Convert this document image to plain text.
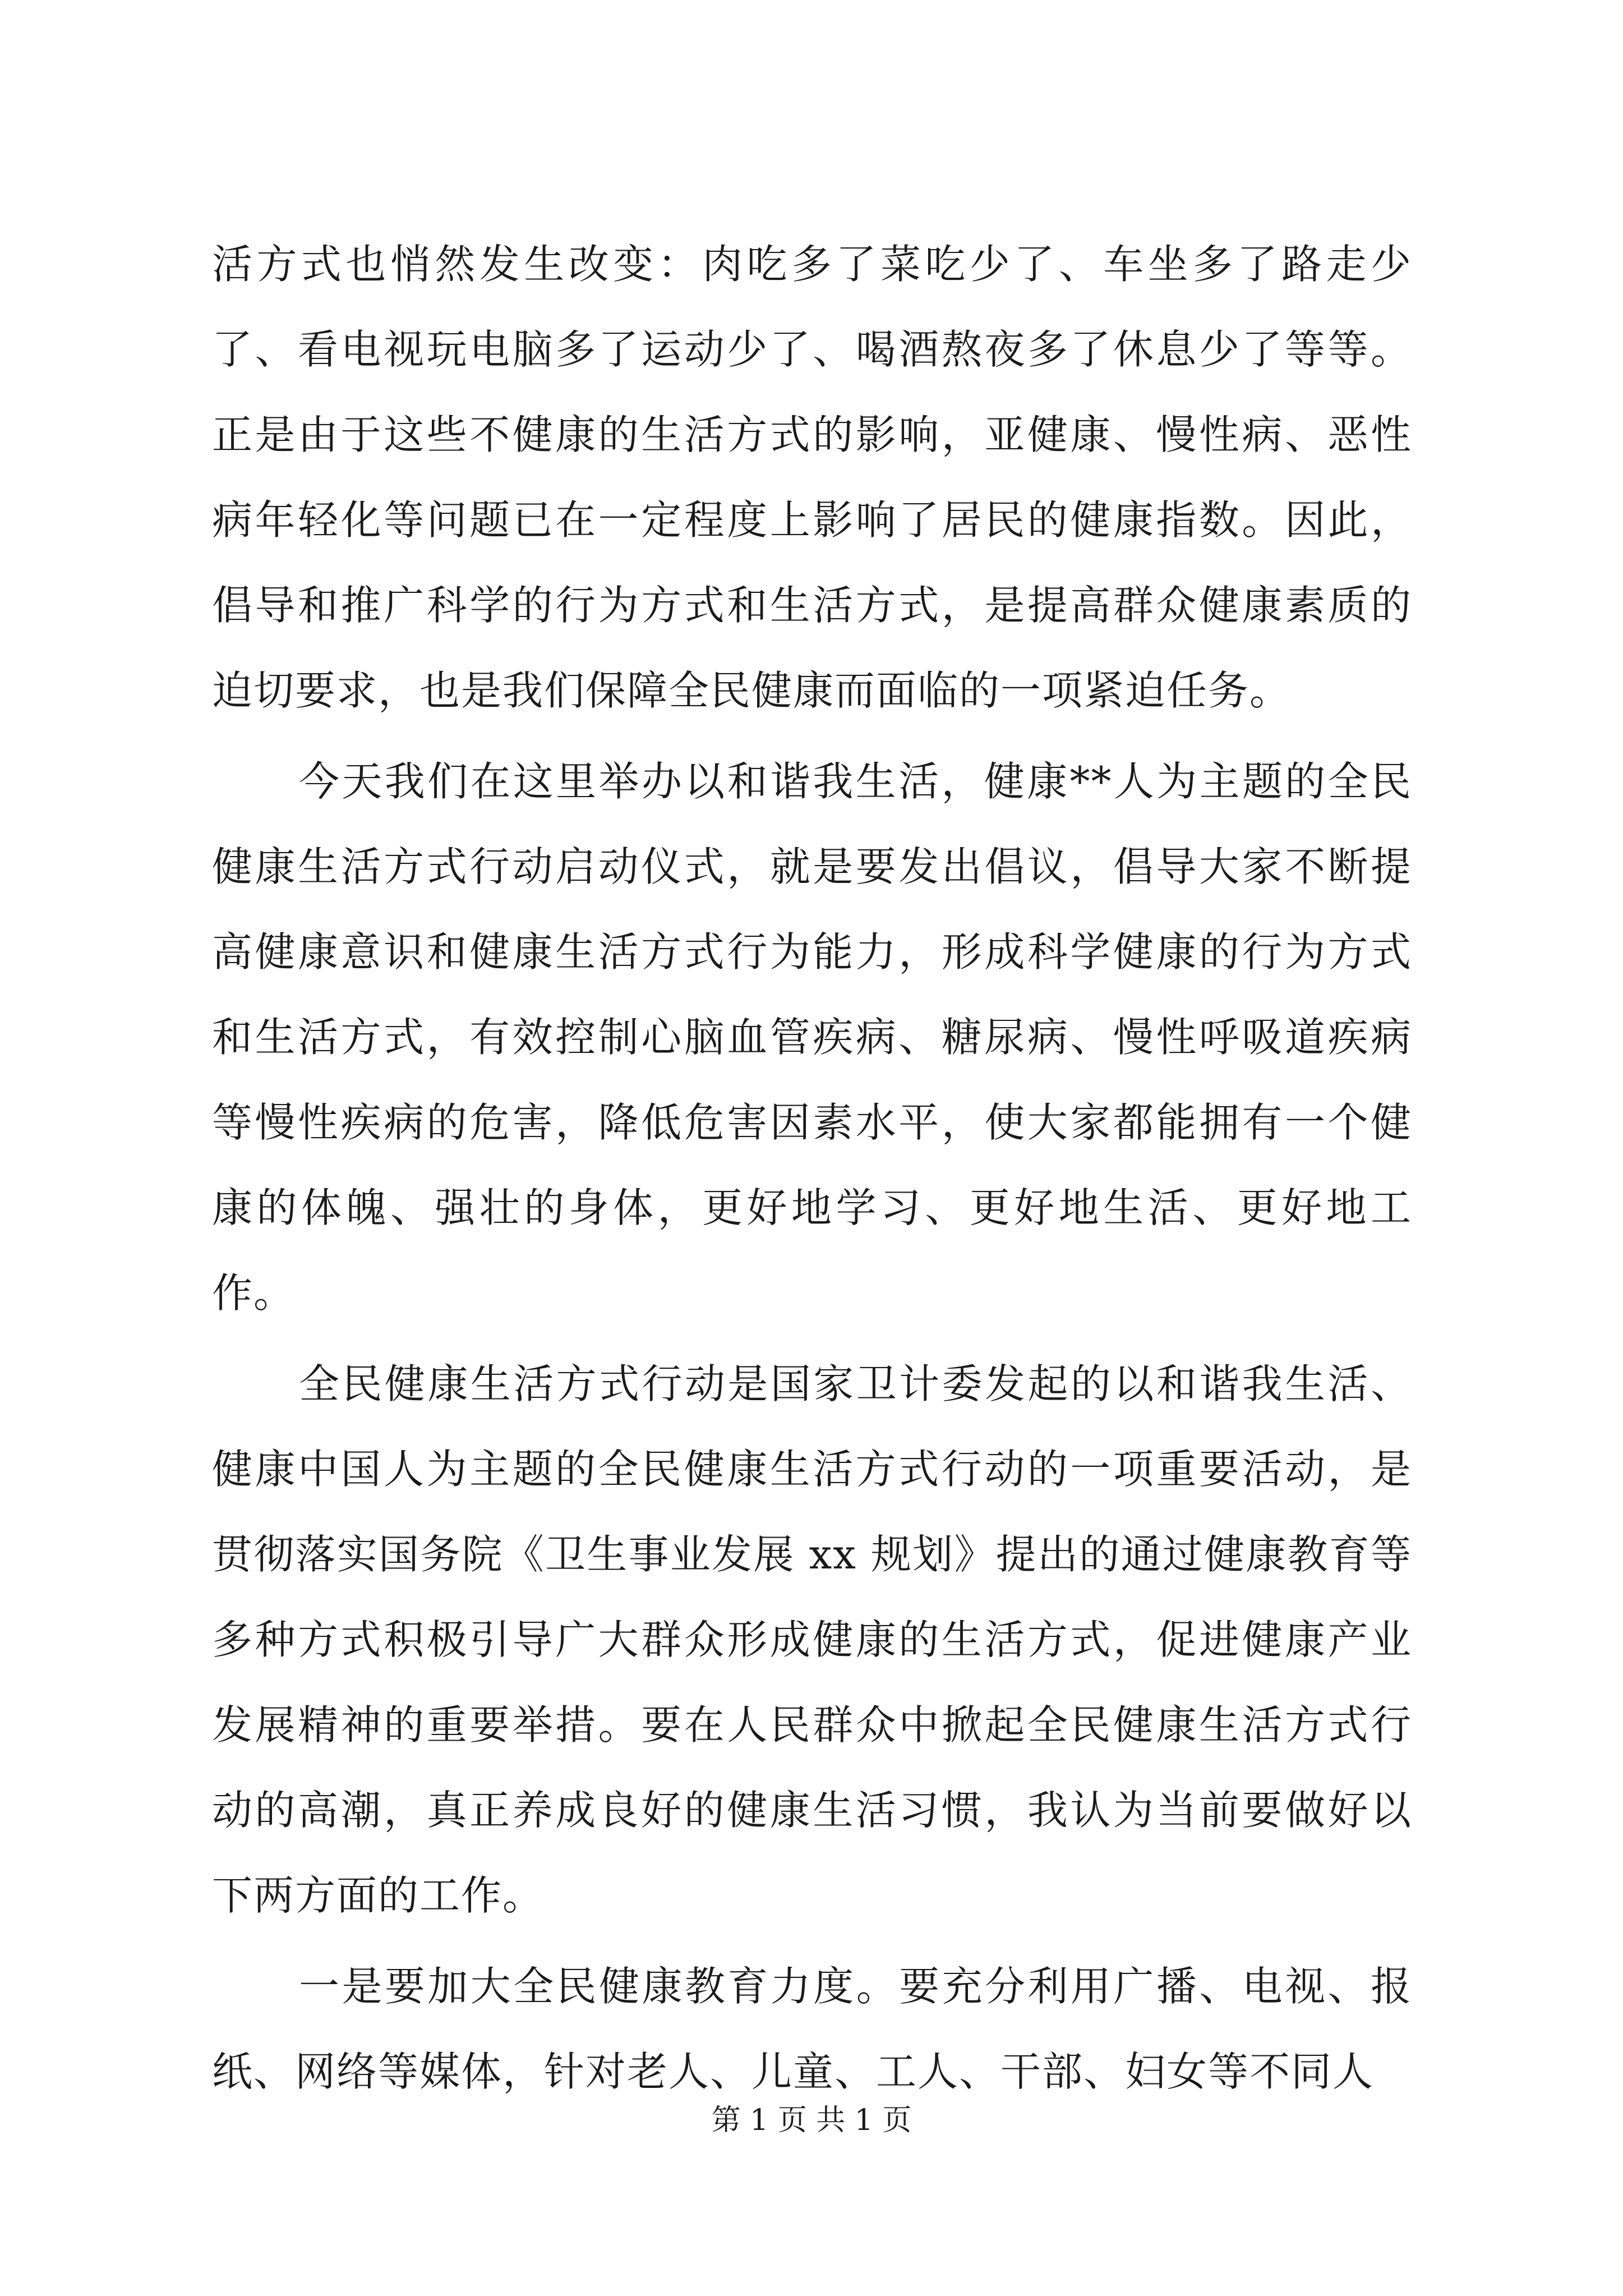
活方式也悄然发生改变：肉吃多了菜吃少了、车坐多了路走少了、看电视玩电脑多了运动少了、喝酒熬夜多了休息少了等等。正是由于这些不健康的生活方式的影响，亚健康、慢性病、恶性病年轻化等问题已在一定程度上影响了居民的健康指数。因此，倡导和推广科学的行为方式和生活方式，是提高群众健康素质的迫切要求，也是我们保障全民健康而面临的一项紧迫任务。

今天我们在这里举办以和谐我生活，健康**人为主题的全民健康生活方式行动启动仪式，就是要发出倡议，倡导大家不断提高健康意识和健康生活方式行为能力，形成科学健康的行为方式和生活方式，有效控制心脑血管疾病、糖尿病、慢性呼吸道疾病等慢性疾病的危害，降低危害因素水平，使大家都能拥有一个健康的体魄、强壮的身体，更好地学习、更好地生活、更好地工作。

全民健康生活方式行动是国家卫计委发起的以和谐我生活、健康中国人为主题的全民健康生活方式行动的一项重要活动，是贯彻落实国务院《卫生事业发展 xx 规划》提出的通过健康教育等多种方式积极引导广大群众形成健康的生活方式，促进健康产业发展精神的重要举措。要在人民群众中掀起全民健康生活方式行动的高潮，真正养成良好的健康生活习惯，我认为当前要做好以下两方面的工作。

一是要加大全民健康教育力度。要充分利用广播、电视、报纸、网络等媒体，针对老人、儿童、工人、干部、妇女等不同人

第 1 页 共 1 页
